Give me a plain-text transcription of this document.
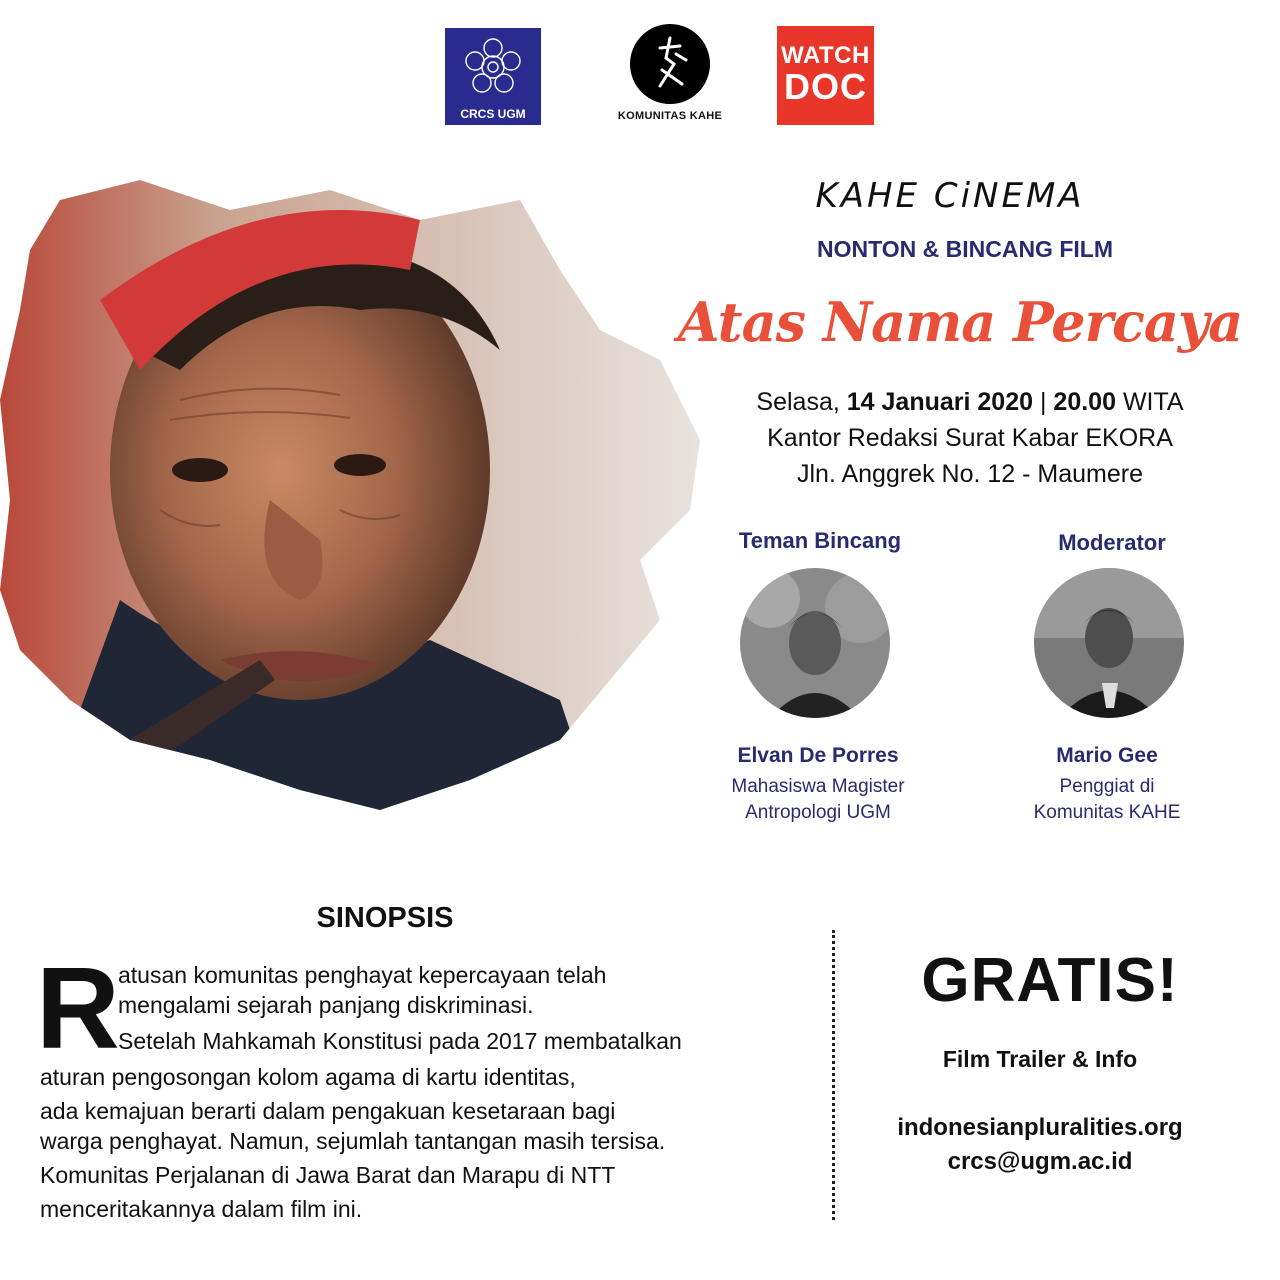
CRCS UGM	KOMUNITAS KAHE
WATCH
DOC
KAHE CiNEMA
NONTON & BINCANG FILM
Atas Nama Percaya
Selasa, 14 Januari 2020 | 20.00 WITA
Kantor Redaksi Surat Kabar EKORA
Jln. Anggrek No. 12 - Maumere
Teman Bincang
Elvan De Porres
Mahasiswa Magister
Antropologi UGM
Moderator
Mario Gee
Penggiat di
Komunitas KAHE
SINOPSIS
R
atusan komunitas penghayat kepercayaan telah
mengalami sejarah panjang diskriminasi.
Setelah Mahkamah Konstitusi pada 2017 membatalkan
aturan pengosongan kolom agama di kartu identitas,
ada kemajuan berarti dalam pengakuan kesetaraan bagi
warga penghayat. Namun, sejumlah tantangan masih tersisa.
Komunitas Perjalanan di Jawa Barat dan Marapu di NTT
menceritakannya dalam film ini.
GRATIS!
Film Trailer & Info
indonesianpluralities.org
crcs@ugm.ac.id
